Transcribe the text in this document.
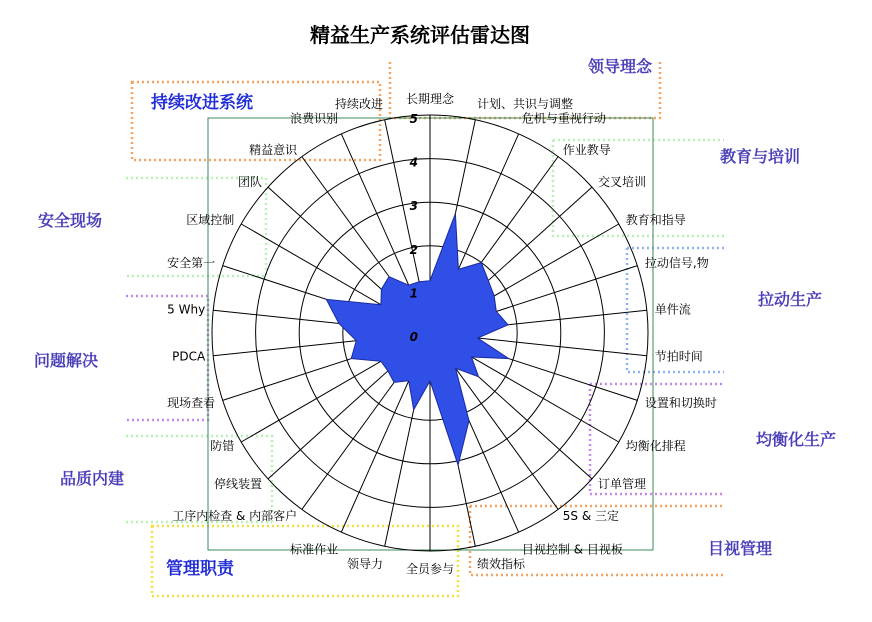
精益生产系统评估雷达图
0
1
2
3
4
5
长期理念 计划、共识与调整
危机与重视行动
作业教导
交叉培训
教育和指导
拉动信号,物
单件流
节拍时间
设置和切换时
均衡化排程
订单管理
5S & 三定
目视控制 & 目视板
绩效指标
全员参与
领导力
标准作业
工序内检查 & 内部客户
停线装置
防错
现场查看
PDCA
5 Why
安全第一
区域控制
团队
精益意识
浪费识别
持续改进
领导理念
教育与培训
拉动生产
均衡化生产
目视管理
管理职责
品质内建
问题解决
安全现场
持续改进系统
